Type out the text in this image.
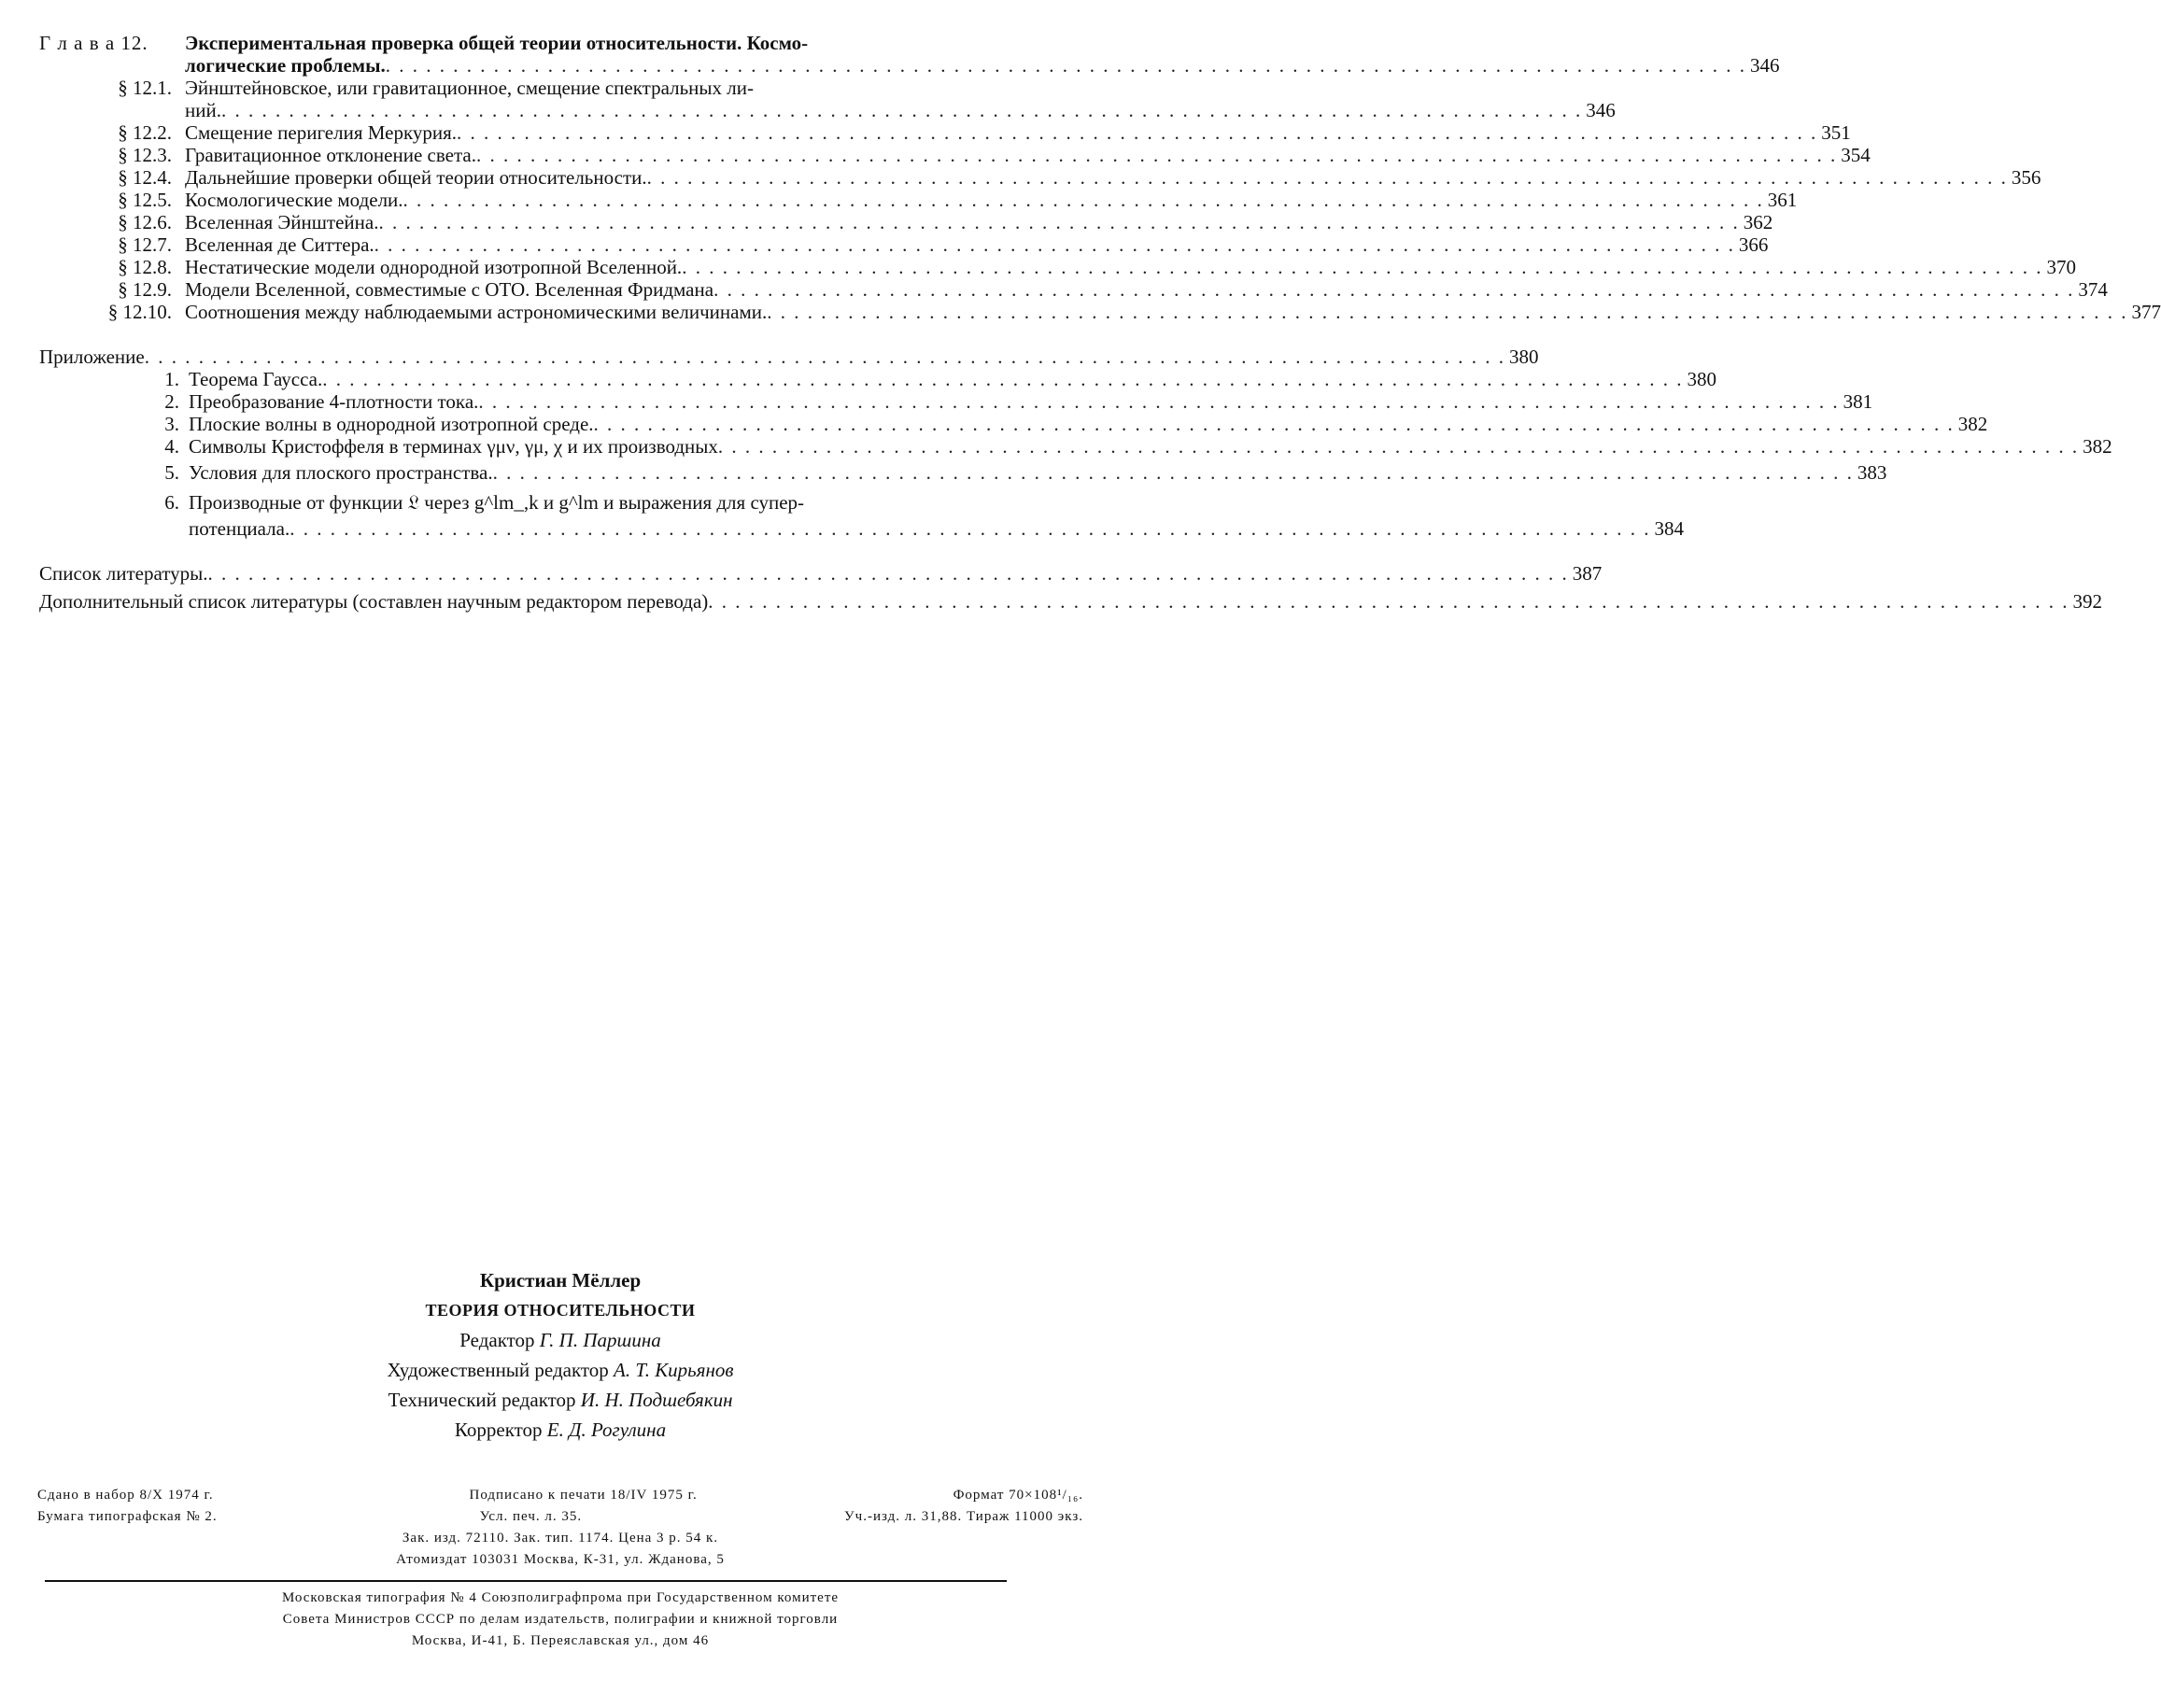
Г л а в а 12.	Экспериментальная проверка общей теории относительности. Космо-
логические проблемы. . . .	346
§ 12.1. Эйнштейновское, или гравитационное, смещение спектральных ли-
ний. . . .	346
§ 12.2. Смещение перигелия Меркурия. . . .	351
§ 12.3. Гравитационное отклонение света. . . .	354
§ 12.4. Дальнейшие проверки общей теории относительности. . . .	356
§ 12.5. Космологические модели. . . .	361
§ 12.6. Вселенная Эйнштейна. . . .	362
§ 12.7. Вселенная де Ситтера. . . .	366
§ 12.8. Нестатические модели однородной изотропной Вселенной. . . .	370
§ 12.9. Модели Вселенной, совместимые с ОТО. Вселенная Фридмана . . .	374
§ 12.10. Соотношения между наблюдаемыми астрономическими величинами. . . .	377
Приложение . . .	380
1. Теорема Гаусса. . . .	380
2. Преобразование 4-плотности тока. . . .	381
3. Плоские волны в однородной изотропной среде. . . .	382
4. Символы Кристоффеля в терминах γμν, γμ, χ и их производных . . .	382
5. Условия для плоского пространства. . . .	383
6. Производные от функции 𝔏 через g^lm_,k и g^lm и выражения для супер-
потенциала. . . .	384
Список литературы. . . .	387
Дополнительный список литературы (составлен научным редактором перевода) . . .	392
Кристиан Мёллер
ТЕОРИЯ ОТНОСИТЕЛЬНОСТИ
Редактор Г. П. Паршина
Художественный редактор А. Т. Кирьянов
Технический редактор И. Н. Подшебякин
Корректор Е. Д. Рогулина
Сдано в набор 8/X 1974 г.	Подписано к печати 18/IV 1975 г.	Формат 70×108¹/₁₆.
Бумага типографская № 2.	Усл. печ. л. 35.	Уч.-изд. л. 31,88. Тираж 11000 экз.
Зак. изд. 72110. Зак. тип. 1174. Цена 3 р. 54 к.
Атомиздат 103031 Москва, К-31, ул. Жданова, 5
Московская типография № 4 Союзполиграфпрома при Государственном комитете
Совета Министров СССР по делам издательств, полиграфии и книжной торговли
Москва, И-41, Б. Переяславская ул., дом 46
